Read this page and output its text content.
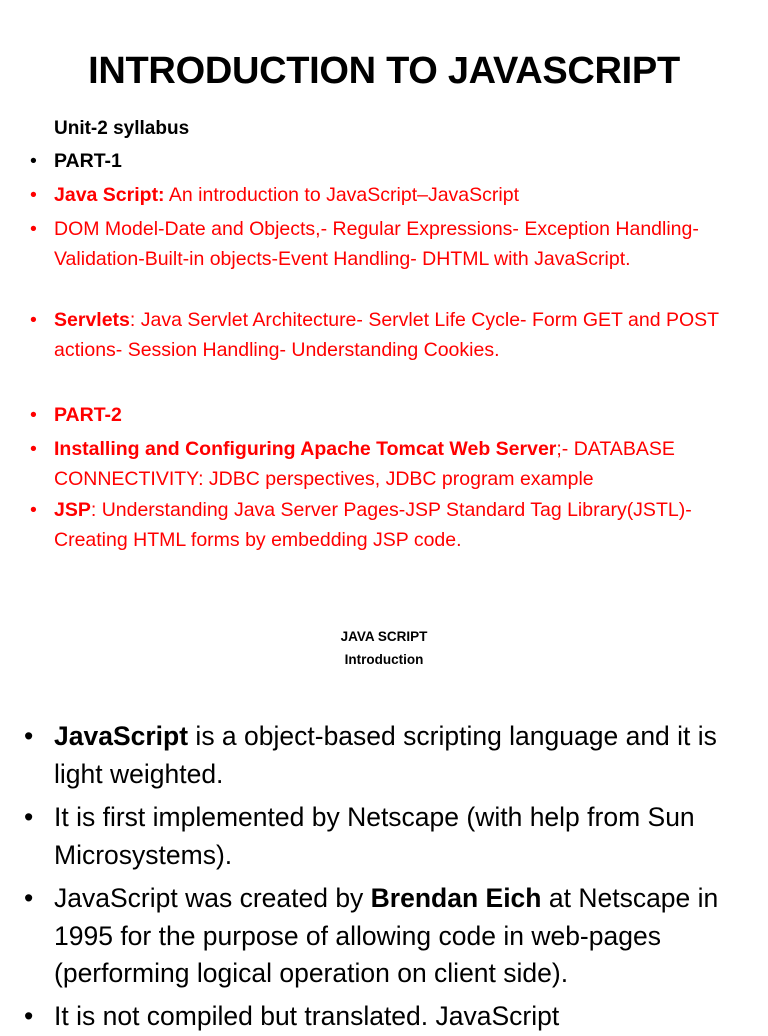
INTRODUCTION TO JAVASCRIPT
Unit-2 syllabus
• PART-1
• Java Script: An introduction to JavaScript–JavaScript
• DOM Model-Date and Objects,- Regular Expressions- Exception Handling-Validation-Built-in objects-Event Handling- DHTML with JavaScript.
• Servlets: Java Servlet Architecture- Servlet Life Cycle- Form GET and POST actions- Session Handling- Understanding Cookies.
• PART-2
• Installing and Configuring Apache Tomcat Web Server;- DATABASE CONNECTIVITY: JDBC perspectives, JDBC program example
• JSP: Understanding Java Server Pages-JSP Standard Tag Library(JSTL)-Creating HTML forms by embedding JSP code.
JAVA SCRIPT
Introduction
• JavaScript is a object-based scripting language and it is light weighted.
• It is first implemented by Netscape (with help from Sun Microsystems).
• JavaScript was created by Brendan Eich at Netscape in 1995 for the purpose of allowing code in web-pages (performing logical operation on client side).
• It is not compiled but translated. JavaScript
